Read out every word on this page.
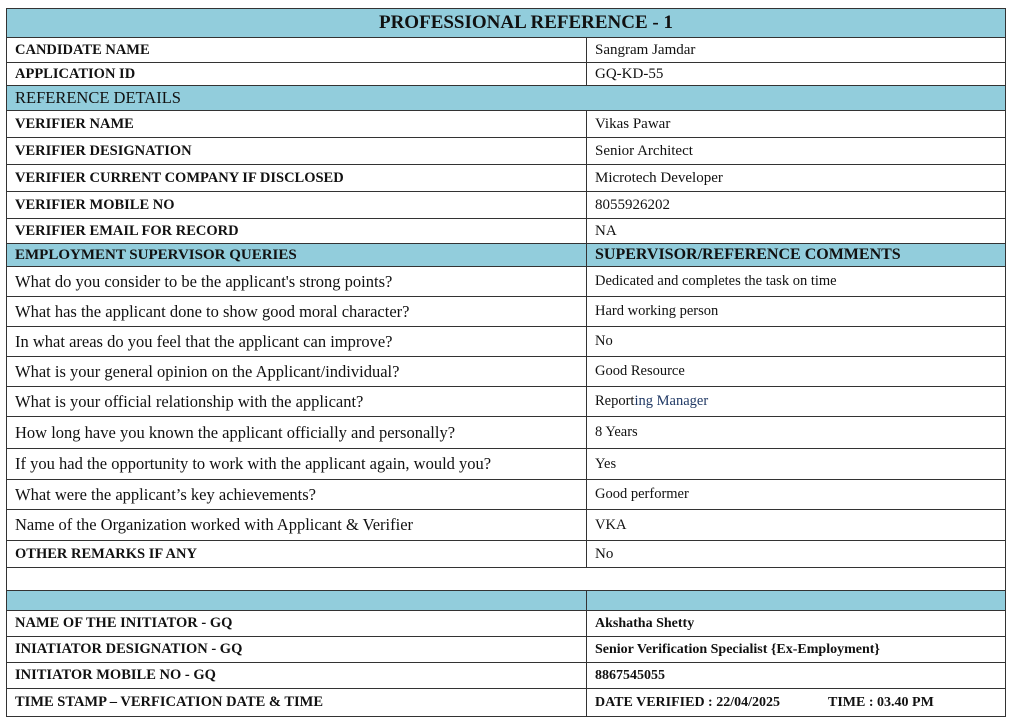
PROFESSIONAL REFERENCE - 1	
CANDIDATE NAME	Sangram Jamdar
APPLICATION ID	GQ-KD-55
REFERENCE DETAILS	
VERIFIER NAME	Vikas Pawar
VERIFIER DESIGNATION	Senior Architect
VERIFIER CURRENT COMPANY IF DISCLOSED	Microtech Developer
VERIFIER MOBILE NO	8055926202
VERIFIER EMAIL FOR RECORD	NA
EMPLOYMENT SUPERVISOR QUERIES	SUPERVISOR/REFERENCE COMMENTS
What do you consider to be the applicant's strong points?	Dedicated and completes the task on time
What has the applicant done to show good moral character?	Hard working person
In what areas do you feel that the applicant can improve?	No
What is your general opinion on the Applicant/individual?	Good Resource
What is your official relationship with the applicant?	Reporting Manager
How long have you known the applicant officially and personally?	8 Years
If you had the opportunity to work with the applicant again, would you?	Yes
What were the applicant’s key achievements?	Good performer
Name of the Organization worked with Applicant & Verifier	VKA
OTHER REMARKS IF ANY	No

NAME OF THE INITIATOR - GQ	Akshatha Shetty
INIATIATOR DESIGNATION - GQ	Senior Verification Specialist {Ex-Employment}
INITIATOR MOBILE NO - GQ	8867545055
TIME STAMP – VERFICATION DATE & TIME	DATE VERIFIED : 22/04/2025 TIME : 03.40 PM
